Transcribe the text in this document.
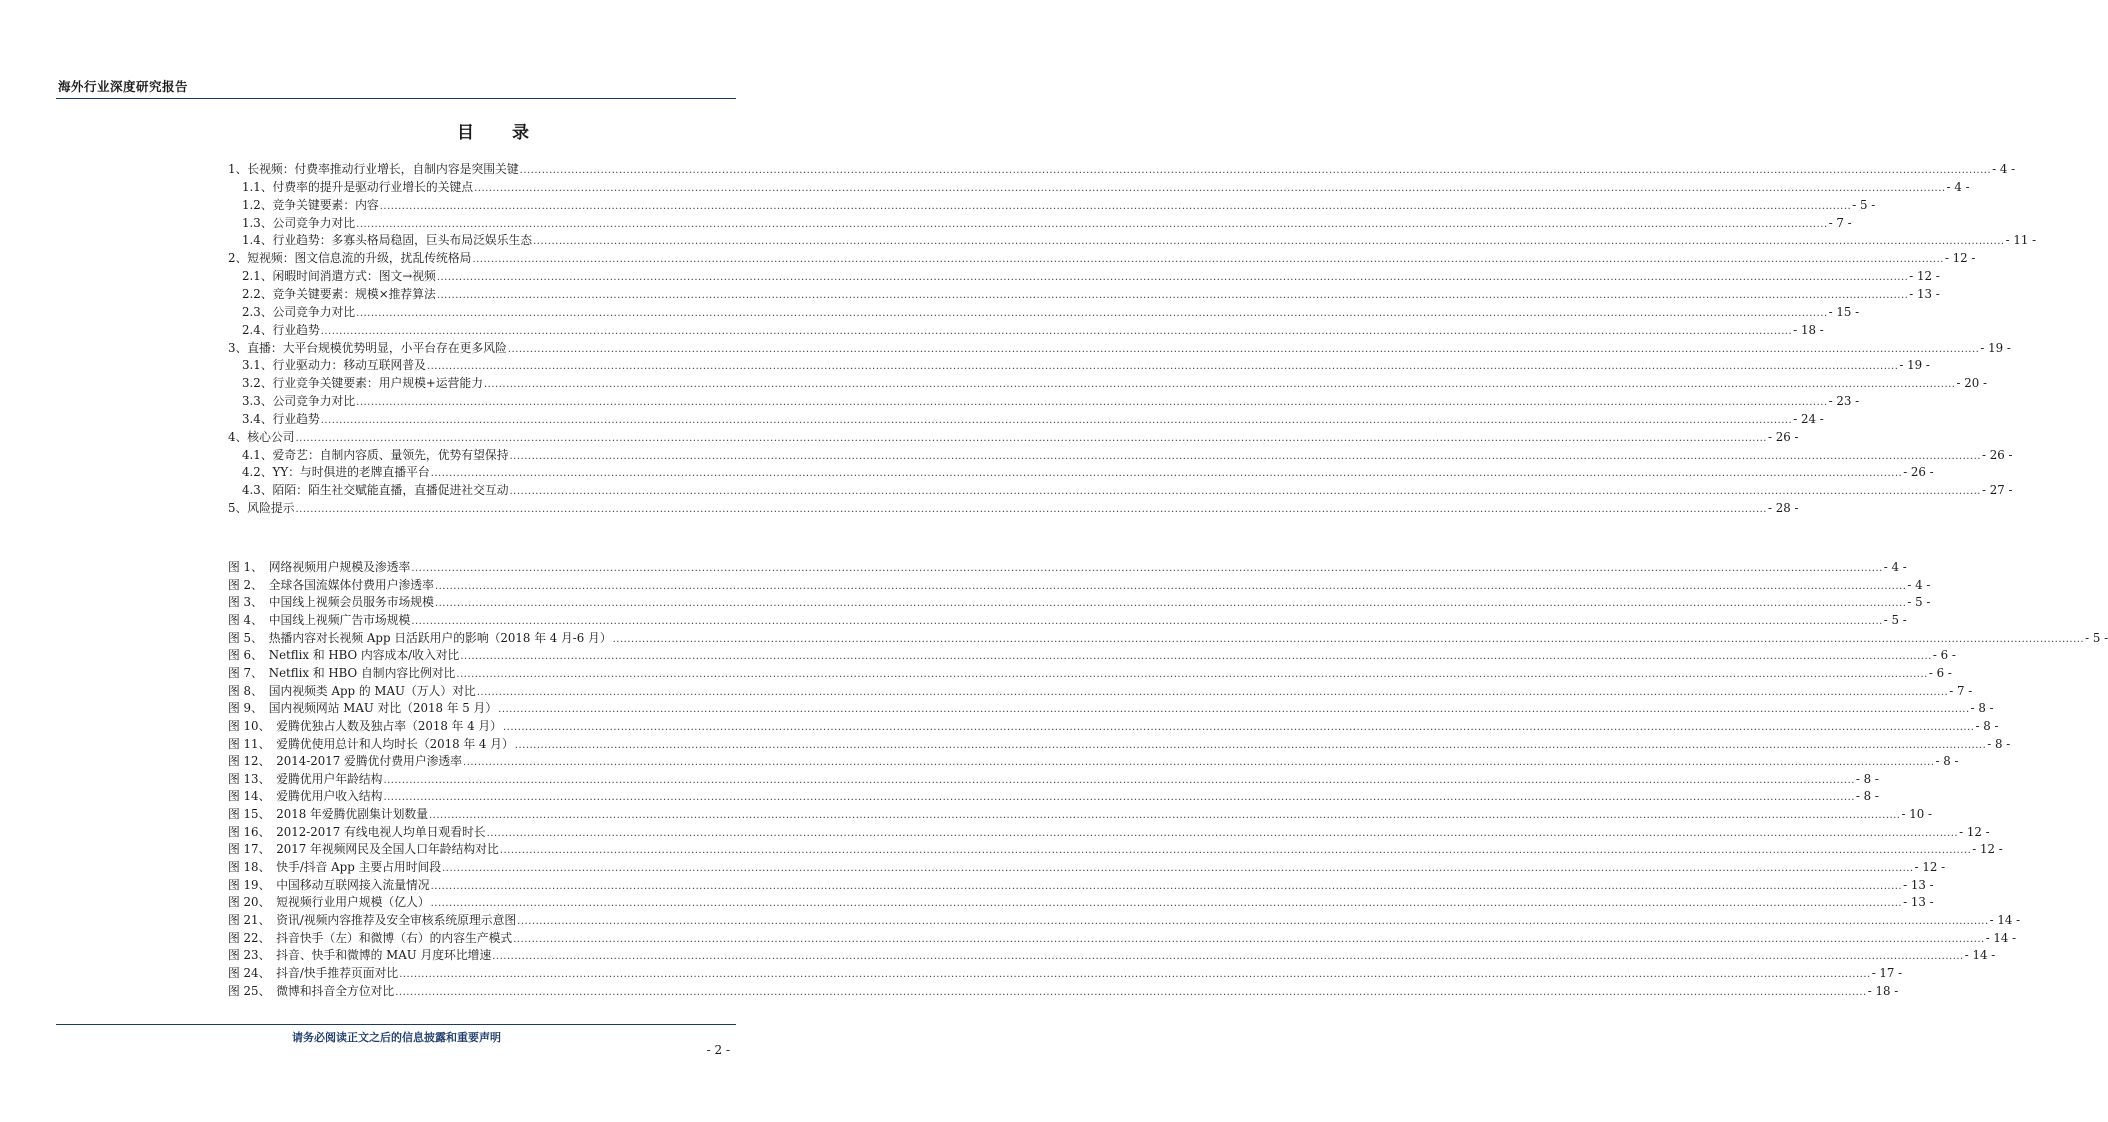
海外行业深度研究报告
目 录
1、长视频：付费率推动行业增长，自制内容是突围关键 ................................................................................................................................................................................................................................................................................................................................................................................................................ - 4 -
1.1、付费率的提升是驱动行业增长的关键点 ................................................................................................................................................................................................................................................................................................................................................................................................................ - 4 -
1.2、竞争关键要素：内容 ................................................................................................................................................................................................................................................................................................................................................................................................................ - 5 -
1.3、公司竞争力对比 ................................................................................................................................................................................................................................................................................................................................................................................................................ - 7 -
1.4、行业趋势：多寡头格局稳固，巨头布局泛娱乐生态 ................................................................................................................................................................................................................................................................................................................................................................................................................ - 11 -
2、短视频：图文信息流的升级，扰乱传统格局 ................................................................................................................................................................................................................................................................................................................................................................................................................ - 12 -
2.1、闲暇时间消遣方式：图文→视频 ................................................................................................................................................................................................................................................................................................................................................................................................................ - 12 -
2.2、竞争关键要素：规模×推荐算法 ................................................................................................................................................................................................................................................................................................................................................................................................................ - 13 -
2.3、公司竞争力对比 ................................................................................................................................................................................................................................................................................................................................................................................................................ - 15 -
2.4、行业趋势 ................................................................................................................................................................................................................................................................................................................................................................................................................ - 18 -
3、直播：大平台规模优势明显，小平台存在更多风险 ................................................................................................................................................................................................................................................................................................................................................................................................................ - 19 -
3.1、行业驱动力：移动互联网普及 ................................................................................................................................................................................................................................................................................................................................................................................................................ - 19 -
3.2、行业竞争关键要素：用户规模+运营能力 ................................................................................................................................................................................................................................................................................................................................................................................................................ - 20 -
3.3、公司竞争力对比 ................................................................................................................................................................................................................................................................................................................................................................................................................ - 23 -
3.4、行业趋势 ................................................................................................................................................................................................................................................................................................................................................................................................................ - 24 -
4、核心公司 ................................................................................................................................................................................................................................................................................................................................................................................................................ - 26 -
4.1、爱奇艺：自制内容质、量领先，优势有望保持 ................................................................................................................................................................................................................................................................................................................................................................................................................ - 26 -
4.2、YY：与时俱进的老牌直播平台 ................................................................................................................................................................................................................................................................................................................................................................................................................ - 26 -
4.3、陌陌：陌生社交赋能直播，直播促进社交互动 ................................................................................................................................................................................................................................................................................................................................................................................................................ - 27 -
5、风险提示 ................................................................................................................................................................................................................................................................................................................................................................................................................ - 28 -
图 1、　网络视频用户规模及渗透率 ................................................................................................................................................................................................................................................................................................................................................................................................................ - 4 -
图 2、　全球各国流媒体付费用户渗透率 ................................................................................................................................................................................................................................................................................................................................................................................................................ - 4 -
图 3、　中国线上视频会员服务市场规模 ................................................................................................................................................................................................................................................................................................................................................................................................................ - 5 -
图 4、　中国线上视频广告市场规模 ................................................................................................................................................................................................................................................................................................................................................................................................................ - 5 -
图 5、　热播内容对长视频 App 日活跃用户的影响（2018 年 4 月-6 月） ................................................................................................................................................................................................................................................................................................................................................................................................................ - 5 -
图 6、　Netflix 和 HBO 内容成本/收入对比 ................................................................................................................................................................................................................................................................................................................................................................................................................ - 6 -
图 7、　Netflix 和 HBO 自制内容比例对比 ................................................................................................................................................................................................................................................................................................................................................................................................................ - 6 -
图 8、　国内视频类 App 的 MAU（万人）对比 ................................................................................................................................................................................................................................................................................................................................................................................................................ - 7 -
图 9、　国内视频网站 MAU 对比（2018 年 5 月） ................................................................................................................................................................................................................................................................................................................................................................................................................ - 8 -
图 10、　爱腾优独占人数及独占率（2018 年 4 月） ................................................................................................................................................................................................................................................................................................................................................................................................................ - 8 -
图 11、　爱腾优使用总计和人均时长（2018 年 4 月） ................................................................................................................................................................................................................................................................................................................................................................................................................ - 8 -
图 12、　2014-2017 爱腾优付费用户渗透率 ................................................................................................................................................................................................................................................................................................................................................................................................................ - 8 -
图 13、　爱腾优用户年龄结构 ................................................................................................................................................................................................................................................................................................................................................................................................................ - 8 -
图 14、　爱腾优用户收入结构 ................................................................................................................................................................................................................................................................................................................................................................................................................ - 8 -
图 15、　2018 年爱腾优剧集计划数量 ................................................................................................................................................................................................................................................................................................................................................................................................................ - 10 -
图 16、　2012-2017 有线电视人均单日观看时长 ................................................................................................................................................................................................................................................................................................................................................................................................................ - 12 -
图 17、　2017 年视频网民及全国人口年龄结构对比 ................................................................................................................................................................................................................................................................................................................................................................................................................ - 12 -
图 18、　快手/抖音 App 主要占用时间段 ................................................................................................................................................................................................................................................................................................................................................................................................................ - 12 -
图 19、　中国移动互联网接入流量情况 ................................................................................................................................................................................................................................................................................................................................................................................................................ - 13 -
图 20、　短视频行业用户规模（亿人） ................................................................................................................................................................................................................................................................................................................................................................................................................ - 13 -
图 21、　资讯/视频内容推荐及安全审核系统原理示意图 ................................................................................................................................................................................................................................................................................................................................................................................................................ - 14 -
图 22、　抖音快手（左）和微博（右）的内容生产模式 ................................................................................................................................................................................................................................................................................................................................................................................................................ - 14 -
图 23、　抖音、快手和微博的 MAU 月度环比增速 ................................................................................................................................................................................................................................................................................................................................................................................................................ - 14 -
图 24、　抖音/快手推荐页面对比 ................................................................................................................................................................................................................................................................................................................................................................................................................ - 17 -
图 25、　微博和抖音全方位对比 ................................................................................................................................................................................................................................................................................................................................................................................................................ - 18 -
请务必阅读正文之后的信息披露和重要声明
- 2 -
